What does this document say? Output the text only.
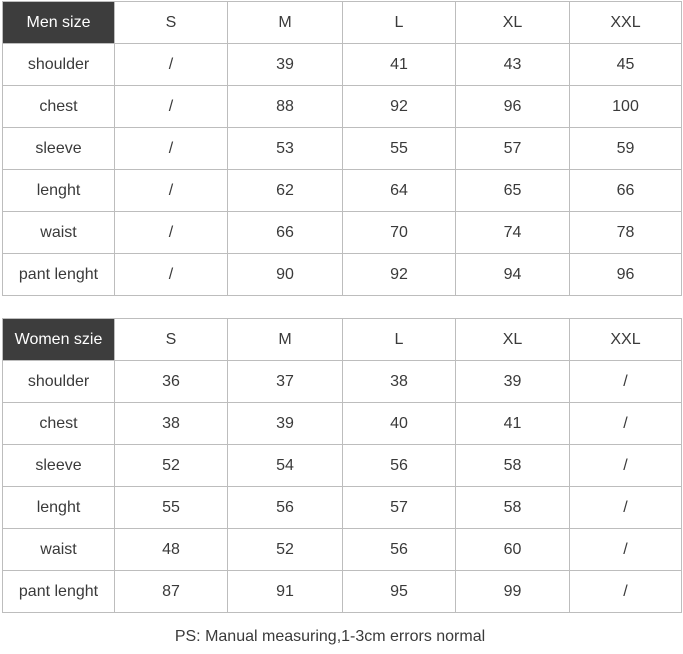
Men size	S	M	L	XL	XXL
shoulder	/	39	41	43	45
chest	/	88	92	96	100
sleeve	/	53	55	57	59
lenght	/	62	64	65	66
waist	/	66	70	74	78
pant lenght	/	90	92	94	96
Women szie	S	M	L	XL	XXL
shoulder	36	37	38	39	/
chest	38	39	40	41	/
sleeve	52	54	56	58	/
lenght	55	56	57	58	/
waist	48	52	56	60	/
pant lenght	87	91	95	99	/
PS: Manual measuring,1-3cm errors normal
